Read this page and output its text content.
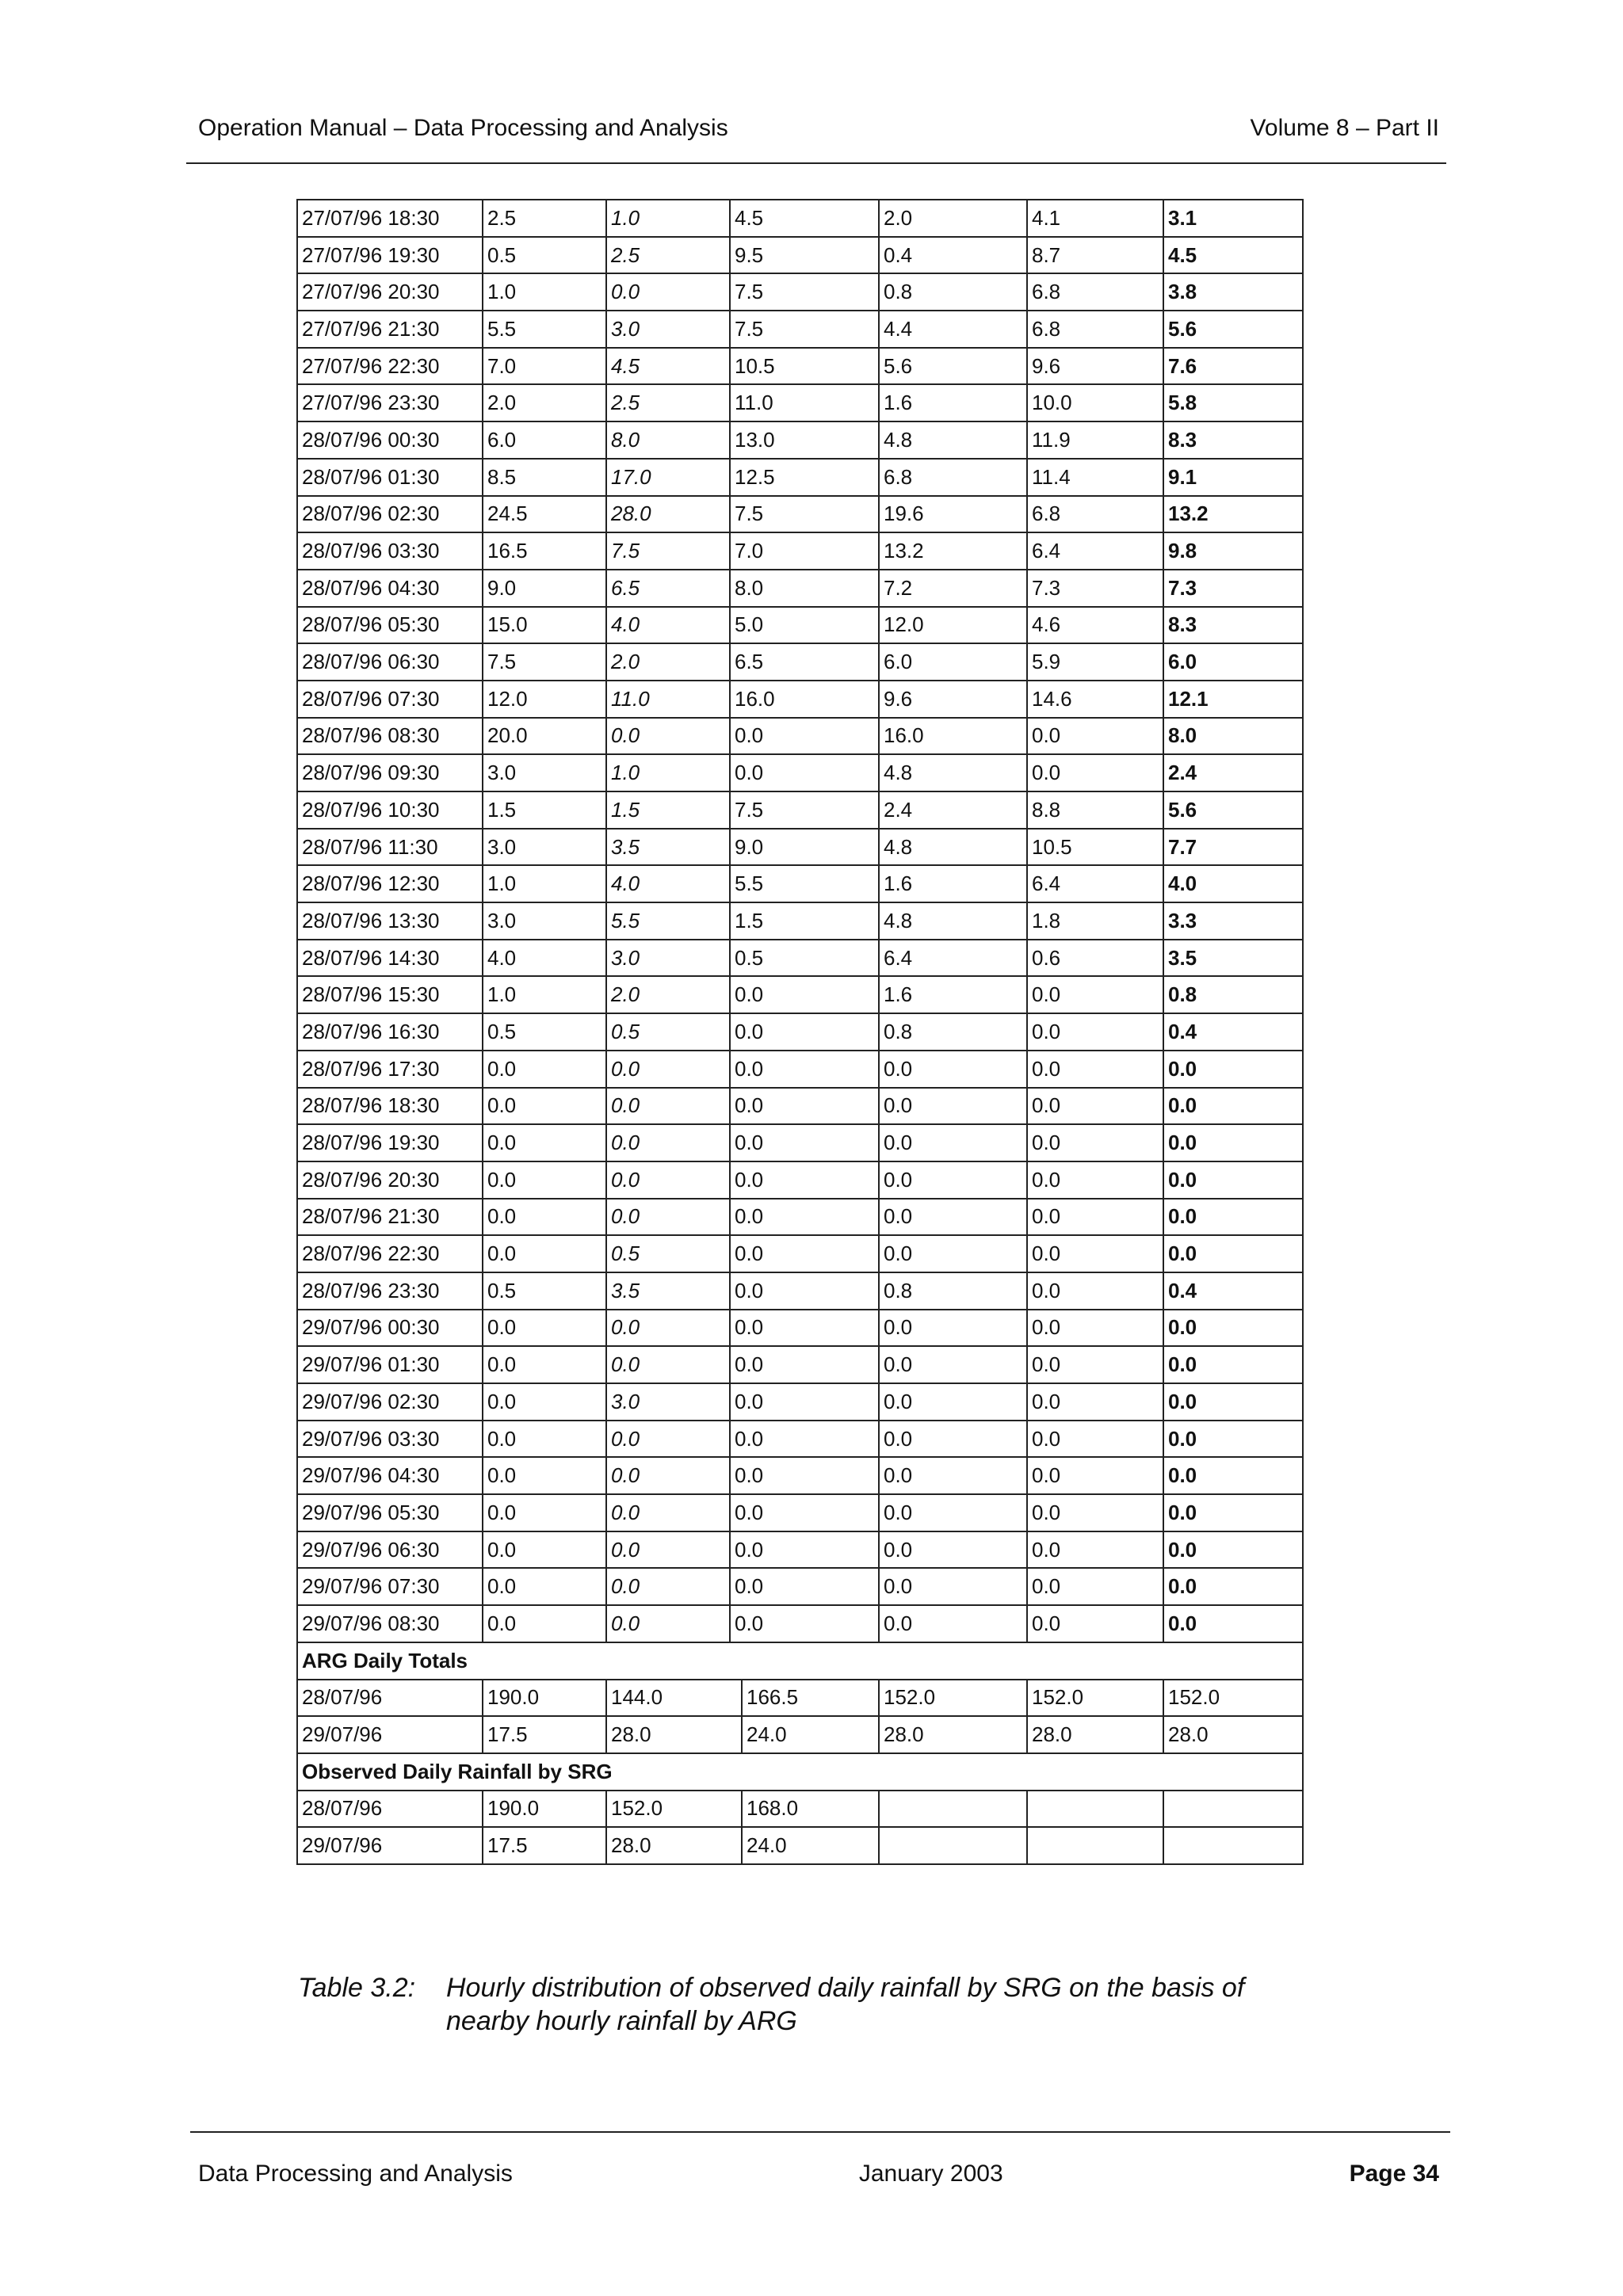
Operation Manual – Data Processing and Analysis	Volume 8 – Part II
27/07/96 18:30	2.5	1.0	4.5		2.0	4.1	3.1
27/07/96 19:30	0.5	2.5	9.5		0.4	8.7	4.5
27/07/96 20:30	1.0	0.0	7.5		0.8	6.8	3.8
27/07/96 21:30	5.5	3.0	7.5		4.4	6.8	5.6
27/07/96 22:30	7.0	4.5	10.5		5.6	9.6	7.6
27/07/96 23:30	2.0	2.5	11.0		1.6	10.0	5.8
28/07/96 00:30	6.0	8.0	13.0		4.8	11.9	8.3
28/07/96 01:30	8.5	17.0	12.5		6.8	11.4	9.1
28/07/96 02:30	24.5	28.0	7.5		19.6	6.8	13.2
28/07/96 03:30	16.5	7.5	7.0		13.2	6.4	9.8
28/07/96 04:30	9.0	6.5	8.0		7.2	7.3	7.3
28/07/96 05:30	15.0	4.0	5.0		12.0	4.6	8.3
28/07/96 06:30	7.5	2.0	6.5		6.0	5.9	6.0
28/07/96 07:30	12.0	11.0	16.0		9.6	14.6	12.1
28/07/96 08:30	20.0	0.0	0.0		16.0	0.0	8.0
28/07/96 09:30	3.0	1.0	0.0		4.8	0.0	2.4
28/07/96 10:30	1.5	1.5	7.5		2.4	8.8	5.6
28/07/96 11:30	3.0	3.5	9.0		4.8	10.5	7.7
28/07/96 12:30	1.0	4.0	5.5		1.6	6.4	4.0
28/07/96 13:30	3.0	5.5	1.5		4.8	1.8	3.3
28/07/96 14:30	4.0	3.0	0.5		6.4	0.6	3.5
28/07/96 15:30	1.0	2.0	0.0		1.6	0.0	0.8
28/07/96 16:30	0.5	0.5	0.0		0.8	0.0	0.4
28/07/96 17:30	0.0	0.0	0.0		0.0	0.0	0.0
28/07/96 18:30	0.0	0.0	0.0		0.0	0.0	0.0
28/07/96 19:30	0.0	0.0	0.0		0.0	0.0	0.0
28/07/96 20:30	0.0	0.0	0.0		0.0	0.0	0.0
28/07/96 21:30	0.0	0.0	0.0		0.0	0.0	0.0
28/07/96 22:30	0.0	0.5	0.0		0.0	0.0	0.0
28/07/96 23:30	0.5	3.5	0.0		0.8	0.0	0.4
29/07/96 00:30	0.0	0.0	0.0		0.0	0.0	0.0
29/07/96 01:30	0.0	0.0	0.0		0.0	0.0	0.0
29/07/96 02:30	0.0	3.0	0.0		0.0	0.0	0.0
29/07/96 03:30	0.0	0.0	0.0		0.0	0.0	0.0
29/07/96 04:30	0.0	0.0	0.0		0.0	0.0	0.0
29/07/96 05:30	0.0	0.0	0.0		0.0	0.0	0.0
29/07/96 06:30	0.0	0.0	0.0		0.0	0.0	0.0
29/07/96 07:30	0.0	0.0	0.0		0.0	0.0	0.0
29/07/96 08:30	0.0	0.0	0.0		0.0	0.0	0.0
ARG Daily Totals							
28/07/96	190.0	144.0		166.5	152.0	152.0	152.0
29/07/96	17.5	28.0		24.0	28.0	28.0	28.0
Observed Daily Rainfall by SRG							
28/07/96	190.0	152.0		168.0			
29/07/96	17.5	28.0		24.0			
Table 3.2: Hourly distribution of observed daily rainfall by SRG on the basis of nearby hourly rainfall by ARG
Data Processing and Analysis	January 2003	Page 34
